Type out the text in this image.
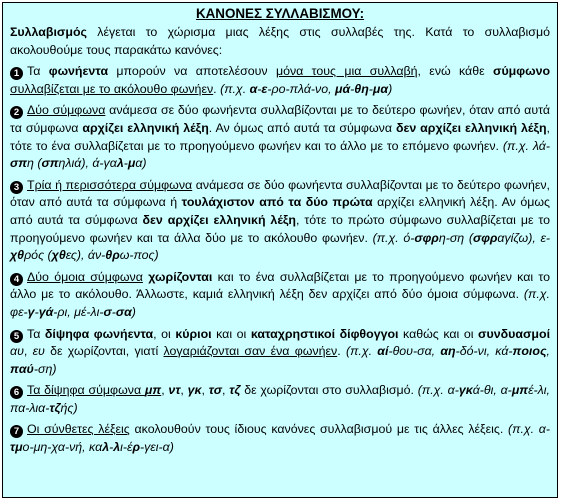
ΚΑΝΟΝΕΣ ΣΥΛΛΑΒΙΣΜΟΥ:

Συλλαβισμός λέγεται το χώρισμα μιας λέξης στις συλλαβές της. Κατά το συλλαβισμό ακολουθούμε τους παρακάτω κανόνες:

1 Τα φωνήεντα μπορούν να αποτελέσουν μόνα τους μια συλλαβή, ενώ κάθε σύμφωνο συλλαβίζεται με το ακόλουθο φωνήεν. (π.χ. α-ε-ρο-πλά-νο, μά-θη-μα)

2 Δύο σύμφωνα ανάμεσα σε δύο φωνήεντα συλλαβίζονται με το δεύτερο φωνήεν, όταν από αυτά τα σύμφωνα αρχίζει ελληνική λέξη. Αν όμως από αυτά τα σύμφωνα δεν αρχίζει ελληνική λέξη, τότε το ένα συλλαβίζεται με το προηγούμενο φωνήεν και το άλλο με το επόμενο φωνήεν. (π.χ. λά-σπη (σπηλιά), ά-γαλ-μα)

3 Τρία ή περισσότερα σύμφωνα ανάμεσα σε δύο φωνήεντα συλλαβίζονται με το δεύτερο φωνήεν, όταν από αυτά τα σύμφωνα ή τουλάχιστον από τα δύο πρώτα αρχίζει ελληνική λέξη. Αν όμως από αυτά τα σύμφωνα δεν αρχίζει ελληνική λέξη, τότε το πρώτο σύμφωνο συλλαβίζεται με το προηγούμενο φωνήεν και τα άλλα δύο με το ακόλουθο φωνήεν. (π.χ. ό-σφρη-ση (σφραγίζω), ε-χθρός (χθες), άν-θρω-πος)

4 Δύο όμοια σύμφωνα χωρίζονται και το ένα συλλαβίζεται με το προηγούμενο φωνήεν και το άλλο με το ακόλουθο. Άλλωστε, καμιά ελληνική λέξη δεν αρχίζει από δύο όμοια σύμφωνα. (π.χ. φε-γ-γά-ρι, μέ-λι-σ-σα)

5 Τα δίψηφα φωνήεντα, οι κύριοι και οι καταχρηστικοί δίφθογγοι καθώς και οι συνδυασμοί αυ, ευ δε χωρίζονται, γιατί λογαριάζονται σαν ένα φωνήεν. (π.χ. αί-θου-σα, αη-δό-νι, κά-ποιος, παύ-ση)

6 Τα δίψηφα σύμφωνα μπ, ντ, γκ, τσ, τζ δε χωρίζονται στο συλλαβισμό. (π.χ. α-γκά-θι, α-μπέ-λι, πα-λια-τζής)

7 Οι σύνθετες λέξεις ακολουθούν τους ίδιους κανόνες συλλαβισμού με τις άλλες λέξεις. (π.χ. α-τμο-μη-χα-νή, καλ-λι-έρ-γει-α)
